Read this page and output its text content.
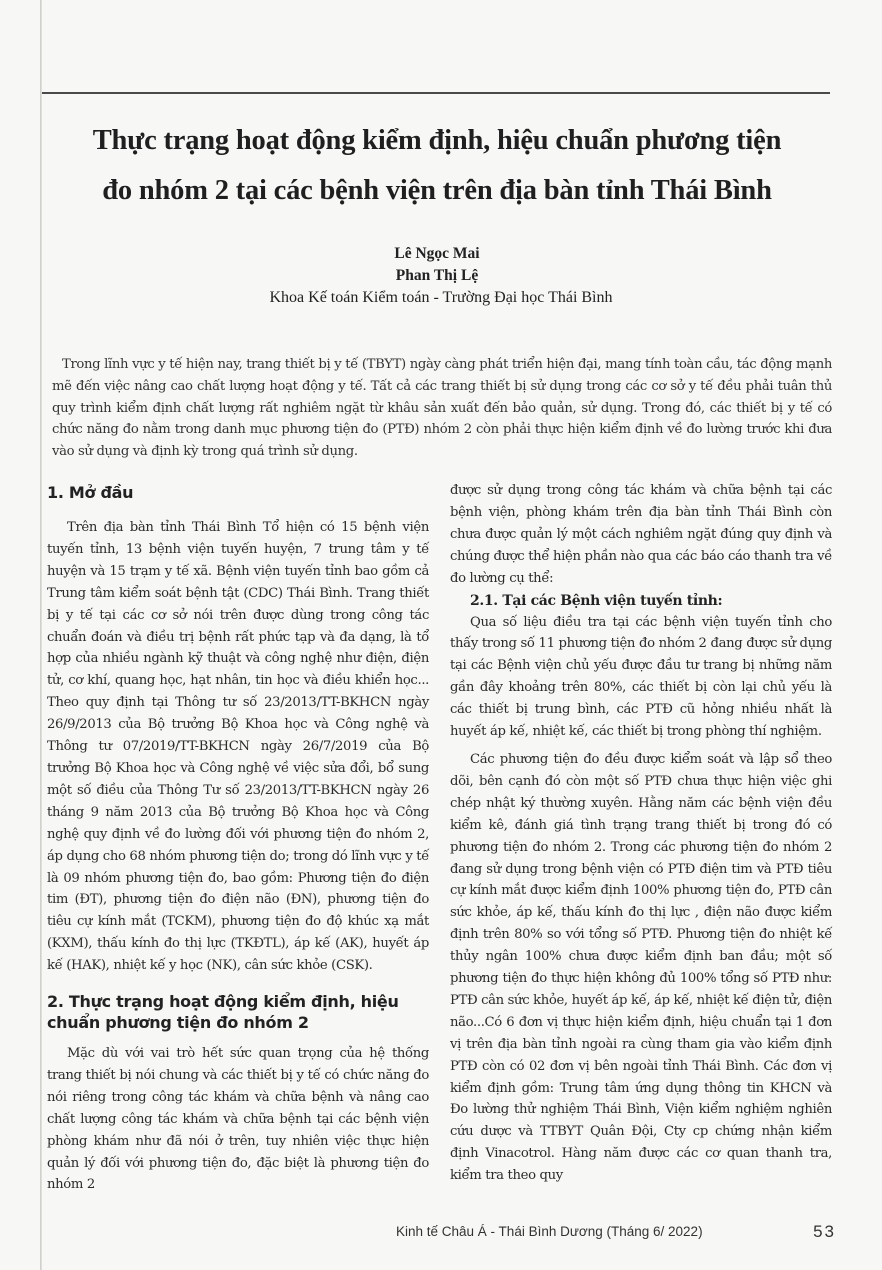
Thực trạng hoạt động kiểm định, hiệu chuẩn phương tiện
đo nhóm 2 tại các bệnh viện trên địa bàn tỉnh Thái Bình
Lê Ngọc Mai
Phan Thị Lệ
Khoa Kế toán Kiểm toán - Trường Đại học Thái Bình

Trong lĩnh vực y tế hiện nay, trang thiết bị y tế (TBYT) ngày càng phát triển hiện đại, mang tính toàn cầu, tác động mạnh mẽ đến việc nâng cao chất lượng hoạt động y tế. Tất cả các trang thiết bị sử dụng trong các cơ sở y tế đều phải tuân thủ quy trình kiểm định chất lượng rất nghiêm ngặt từ khâu sản xuất đến bảo quản, sử dụng. Trong đó, các thiết bị y tế có chức năng đo nằm trong danh mục phương tiện đo (PTĐ) nhóm 2 còn phải thực hiện kiểm định về đo lường trước khi đưa vào sử dụng và định kỳ trong quá trình sử dụng.

1. Mở đầu

Trên địa bàn tỉnh Thái Bình Tổ hiện có 15 bệnh viện tuyến tỉnh, 13 bệnh viện tuyến huyện, 7 trung tâm y tế huyện và 15 trạm y tế xã. Bệnh viện tuyến tỉnh bao gồm cả Trung tâm kiểm soát bệnh tật (CDC) Thái Bình. Trang thiết bị y tế tại các cơ sở nói trên được dùng trong công tác chuẩn đoán và điều trị bệnh rất phức tạp và đa dạng, là tổ hợp của nhiều ngành kỹ thuật và công nghệ như điện, điện tử, cơ khí, quang học, hạt nhân, tin học và điều khiển học... Theo quy định tại Thông tư số 23/2013/TT-BKHCN ngày 26/9/2013 của Bộ trưởng Bộ Khoa học và Công nghệ và Thông tư 07/2019/TT-BKHCN ngày 26/7/2019 của Bộ trưởng Bộ Khoa học và Công nghệ về việc sửa đổi, bổ sung một số điều của Thông Tư số 23/2013/TT-BKHCN ngày 26 tháng 9 năm 2013 của Bộ trưởng Bộ Khoa học và Công nghệ quy định về đo lường đối với phương tiện đo nhóm 2, áp dụng cho 68 nhóm phương tiện do; trong dó lĩnh vực y tế là 09 nhóm phương tiện đo, bao gồm: Phương tiện đo điện tim (ĐT), phương tiện đo điện não (ĐN), phương tiện đo tiêu cự kính mắt (TCKM), phương tiện đo độ khúc xạ mắt (KXM), thấu kính đo thị lực (TKĐTL), áp kế (AK), huyết áp kế (HAK), nhiệt kế y học (NK), cân sức khỏe (CSK).

2. Thực trạng hoạt động kiểm định, hiệu chuẩn phương tiện đo nhóm 2

Mặc dù với vai trò hết sức quan trọng của hệ thống trang thiết bị nói chung và các thiết bị y tế có chức năng đo nói riêng trong công tác khám và chữa bệnh và nâng cao chất lượng công tác khám và chữa bệnh tại các bệnh viện phòng khám như đã nói ở trên, tuy nhiên việc thực hiện quản lý đối với phương tiện đo, đặc biệt là phương tiện đo nhóm 2

được sử dụng trong công tác khám và chữa bệnh tại các bệnh viện, phòng khám trên địa bàn tỉnh Thái Bình còn chưa được quản lý một cách nghiêm ngặt đúng quy định và chúng được thể hiện phần nào qua các báo cáo thanh tra về đo lường cụ thể:

2.1. Tại các Bệnh viện tuyến tỉnh:

Qua số liệu điều tra tại các bệnh viện tuyến tỉnh cho thấy trong số 11 phương tiện đo nhóm 2 đang được sử dụng tại các Bệnh viện chủ yếu được đầu tư trang bị những năm gần đây khoảng trên 80%, các thiết bị còn lại chủ yếu là các thiết bị trung bình, các PTĐ cũ hỏng nhiều nhất là huyết áp kế, nhiệt kế, các thiết bị trong phòng thí nghiệm.

Các phương tiện đo đều được kiểm soát và lập sổ theo dõi, bên cạnh đó còn một số PTĐ chưa thực hiện việc ghi chép nhật ký thường xuyên. Hằng năm các bệnh viện đều kiểm kê, đánh giá tình trạng trang thiết bị trong đó có phương tiện đo nhóm 2. Trong các phương tiện đo nhóm 2 đang sử dụng trong bệnh viện có PTĐ điện tim và PTĐ tiêu cự kính mắt được kiểm định 100% phương tiện đo, PTĐ cân sức khỏe, áp kế, thấu kính đo thị lực , điện não được kiểm định trên 80% so với tổng số PTĐ. Phương tiện đo nhiệt kế thủy ngân 100% chưa được kiểm định ban đầu; một số phương tiện đo thực hiện không đủ 100% tổng số PTĐ như: PTĐ cân sức khỏe, huyết áp kế, áp kế, nhiệt kế điện tử, điện não...Có 6 đơn vị thực hiện kiểm định, hiệu chuẩn tại 1 đơn vị trên địa bàn tỉnh ngoài ra cùng tham gia vào kiểm định PTĐ còn có 02 đơn vị bên ngoài tỉnh Thái Bình. Các đơn vị kiểm định gồm: Trung tâm ứng dụng thông tin KHCN và Đo lường thử nghiệm Thái Bình, Viện kiểm nghiệm nghiên cứu dược và TTBYT Quân Đội, Cty cp chứng nhận kiểm định Vinacotrol. Hàng năm được các cơ quan thanh tra, kiểm tra theo quy

Kinh tế Châu Á - Thái Bình Dương (Tháng 6/ 2022)	53
